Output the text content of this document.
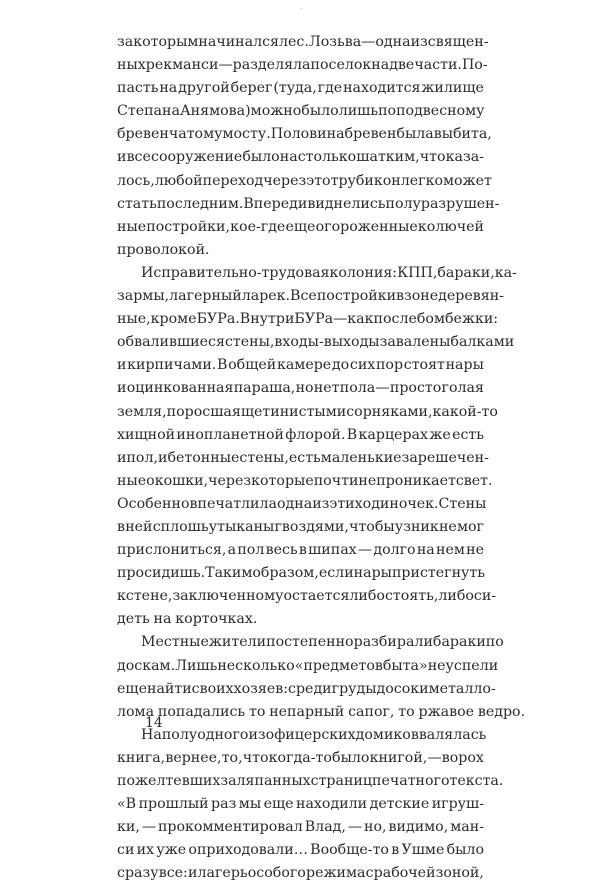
-
за которым начинался лес. Лозьва — одна из священ-
ных рек манси — разделяла поселок на две части. По-
пасть на другой берег (туда, где находится жилище
Степана Анямова) можно было лишь по подвесному
бревенчатому мосту. Половина бревен была выбита,
и все сооружение было настолько шатким, что каза-
лось, любой переход через этот рубикон легко может
стать последним. Впереди виднелись полуразрушен-
ные постройки, кое-где еще огороженные колючей
проволокой.
Исправительно-трудовая колония: КПП, бараки, ка-
зармы, лагерный ларек. Все постройки в зоне деревян-
ные, кроме БУРа. Внутри БУРа — как после бомбежки:
обвалившиеся стены, входы-выходы завалены балками
и кирпичами. В общей камере до сих пор стоят нары
и оцинкованная параша, но нет пола — просто голая
земля, поросшая щетинистыми сорняками, какой-то
хищной инопланетной флорой. В карцерах же есть
и пол, и бетонные стены, есть маленькие зарешечен-
ные окошки, через которые почти не проникает свет.
Особенно впечатлила одна из этих одиночек. Стены
в ней сплошь утыканы гвоздями, чтобы узник не мог
прислониться, а пол весь в шипах — долго на нем не
просидишь. Таким образом, если нары пристегнуть
к стене, заключенному остается либо стоять, либо си-
деть на корточках.
Местные жители постепенно разбирали бараки по
доскам. Лишь несколько «предметов быта» не успели
еще найти своих хозяев: среди груды досок и металло-
лома попадались то непарный сапог, то ржавое ведро.
На полу одного из офицерских домиков валялась
книга, вернее, то, что когда-то было книгой, — ворох
пожелтевших заляпанных страниц печатного текста.
«В прошлый раз мы еще находили детские игруш-
ки, — прокомментировал Влад, — но, видимо, ман-
си их уже оприходовали… Вообще-то в Ушме было
сразу все: и лагерь особого режима с рабочей зоной,
14
